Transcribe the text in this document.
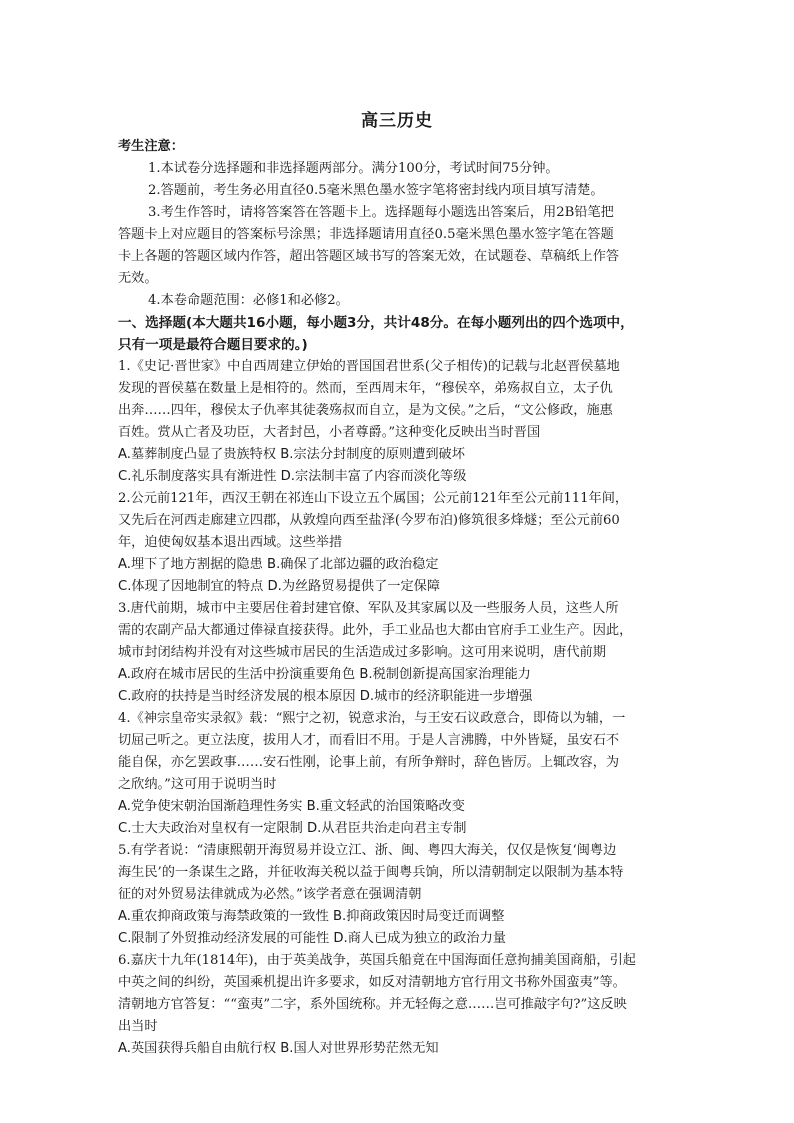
高三历史
考生注意：
1.本试卷分选择题和非选择题两部分。满分100分，考试时间75分钟。
2.答题前，考生务必用直径0.5毫米黑色墨水签字笔将密封线内项目填写清楚。
3.考生作答时，请将答案答在答题卡上。选择题每小题选出答案后，用2B铅笔把
答题卡上对应题目的答案标号涂黑；非选择题请用直径0.5毫米黑色墨水签字笔在答题
卡上各题的答题区域内作答，超出答题区域书写的答案无效，在试题卷、草稿纸上作答
无效。
4.本卷命题范围：必修1和必修2。
一、选择题(本大题共16小题，每小题3分，共计48分。在每小题列出的四个选项中，
只有一项是最符合题目要求的。)
1.《史记·晋世家》中自西周建立伊始的晋国国君世系(父子相传)的记载与北赵晋侯墓地
发现的晋侯墓在数量上是相符的。然而，至西周末年，“穆侯卒，弟殇叔自立，太子仇
出奔……四年，穆侯太子仇率其徒袭殇叔而自立，是为文侯。”之后，“文公修政，施惠
百姓。赏从亡者及功臣，大者封邑，小者尊爵。”这种变化反映出当时晋国
A.墓葬制度凸显了贵族特权 B.宗法分封制度的原则遭到破坏
C.礼乐制度落实具有渐进性 D.宗法制丰富了内容而淡化等级
2.公元前121年，西汉王朝在祁连山下设立五个属国；公元前121年至公元前111年间，
又先后在河西走廊建立四郡，从敦煌向西至盐泽(今罗布泊)修筑很多烽燧；至公元前60
年，迫使匈奴基本退出西域。这些举措
A.埋下了地方割据的隐患 B.确保了北部边疆的政治稳定
C.体现了因地制宜的特点 D.为丝路贸易提供了一定保障
3.唐代前期，城市中主要居住着封建官僚、军队及其家属以及一些服务人员，这些人所
需的农副产品大都通过俸禄直接获得。此外，手工业品也大都由官府手工业生产。因此，
城市封闭结构并没有对这些城市居民的生活造成过多影响。这可用来说明，唐代前期
A.政府在城市居民的生活中扮演重要角色 B.税制创新提高国家治理能力
C.政府的扶持是当时经济发展的根本原因 D.城市的经济职能进一步增强
4.《神宗皇帝实录叙》载：“熙宁之初，锐意求治，与王安石议政意合，即倚以为辅，一
切屈己听之。更立法度，拔用人才，而看旧不用。于是人言沸腾，中外皆疑，虽安石不
能自保，亦乞罢政事……安石性刚，论事上前，有所争辩时，辞色皆厉。上辄改容，为
之欣纳。”这可用于说明当时
A.党争使宋朝治国渐趋理性务实 B.重文轻武的治国策略改变
C.士大夫政治对皇权有一定限制 D.从君臣共治走向君主专制
5.有学者说：“清康熙朝开海贸易并设立江、浙、闽、粤四大海关，仅仅是恢复‘闽粤边
海生民’的一条谋生之路，并征收海关税以益于闽粤兵饷，所以清朝制定以限制为基本特
征的对外贸易法律就成为必然。”该学者意在强调清朝
A.重农抑商政策与海禁政策的一致性 B.抑商政策因时局变迁而调整
C.限制了外贸推动经济发展的可能性 D.商人已成为独立的政治力量
6.嘉庆十九年(1814年)，由于英美战争，英国兵船竟在中国海面任意拘捕美国商船，引起
中英之间的纠纷，英国乘机提出许多要求，如反对清朝地方官行用文书称外国蛮夷”等。
清朝地方官答复：““蛮夷”二字，系外国统称。并无轻侮之意……岂可推敲字句?”这反映
出当时
A.英国获得兵船自由航行权 B.国人对世界形势茫然无知
